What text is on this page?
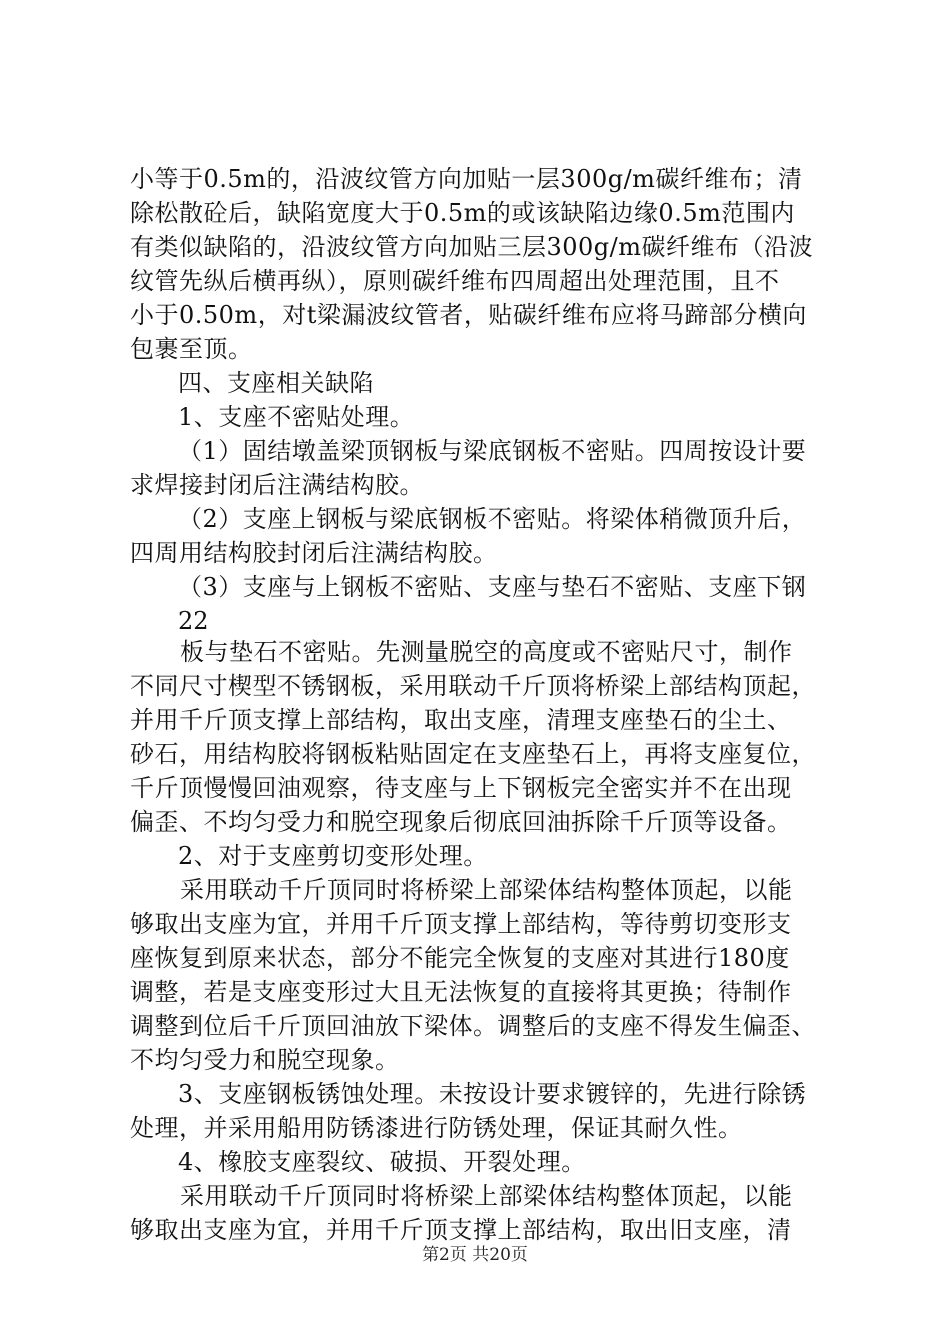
小等于0.5m的，沿波纹管方向加贴一层300g/m碳纤维布；清
除松散砼后，缺陷宽度大于0.5m的或该缺陷边缘0.5m范围内
有类似缺陷的，沿波纹管方向加贴三层300g/m碳纤维布（沿波
纹管先纵后横再纵），原则碳纤维布四周超出处理范围，且不
小于0.50m，对t梁漏波纹管者，贴碳纤维布应将马蹄部分横向
包裹至顶。
四、支座相关缺陷
1、支座不密贴处理。
（1）固结墩盖梁顶钢板与梁底钢板不密贴。四周按设计要
求焊接封闭后注满结构胶。
（2）支座上钢板与梁底钢板不密贴。将梁体稍微顶升后，
四周用结构胶封闭后注满结构胶。
（3）支座与上钢板不密贴、支座与垫石不密贴、支座下钢
22
板与垫石不密贴。先测量脱空的高度或不密贴尺寸，制作
不同尺寸楔型不锈钢板，采用联动千斤顶将桥梁上部结构顶起，
并用千斤顶支撑上部结构，取出支座，清理支座垫石的尘土、
砂石，用结构胶将钢板粘贴固定在支座垫石上，再将支座复位，
千斤顶慢慢回油观察，待支座与上下钢板完全密实并不在出现
偏歪、不均匀受力和脱空现象后彻底回油拆除千斤顶等设备。
2、对于支座剪切变形处理。
采用联动千斤顶同时将桥梁上部梁体结构整体顶起，以能
够取出支座为宜，并用千斤顶支撑上部结构，等待剪切变形支
座恢复到原来状态，部分不能完全恢复的支座对其进行180度
调整，若是支座变形过大且无法恢复的直接将其更换；待制作
调整到位后千斤顶回油放下梁体。调整后的支座不得发生偏歪、
不均匀受力和脱空现象。
3、支座钢板锈蚀处理。未按设计要求镀锌的，先进行除锈
处理，并采用船用防锈漆进行防锈处理，保证其耐久性。
4、橡胶支座裂纹、破损、开裂处理。
采用联动千斤顶同时将桥梁上部梁体结构整体顶起，以能
够取出支座为宜，并用千斤顶支撑上部结构，取出旧支座，清
第2页 共20页
